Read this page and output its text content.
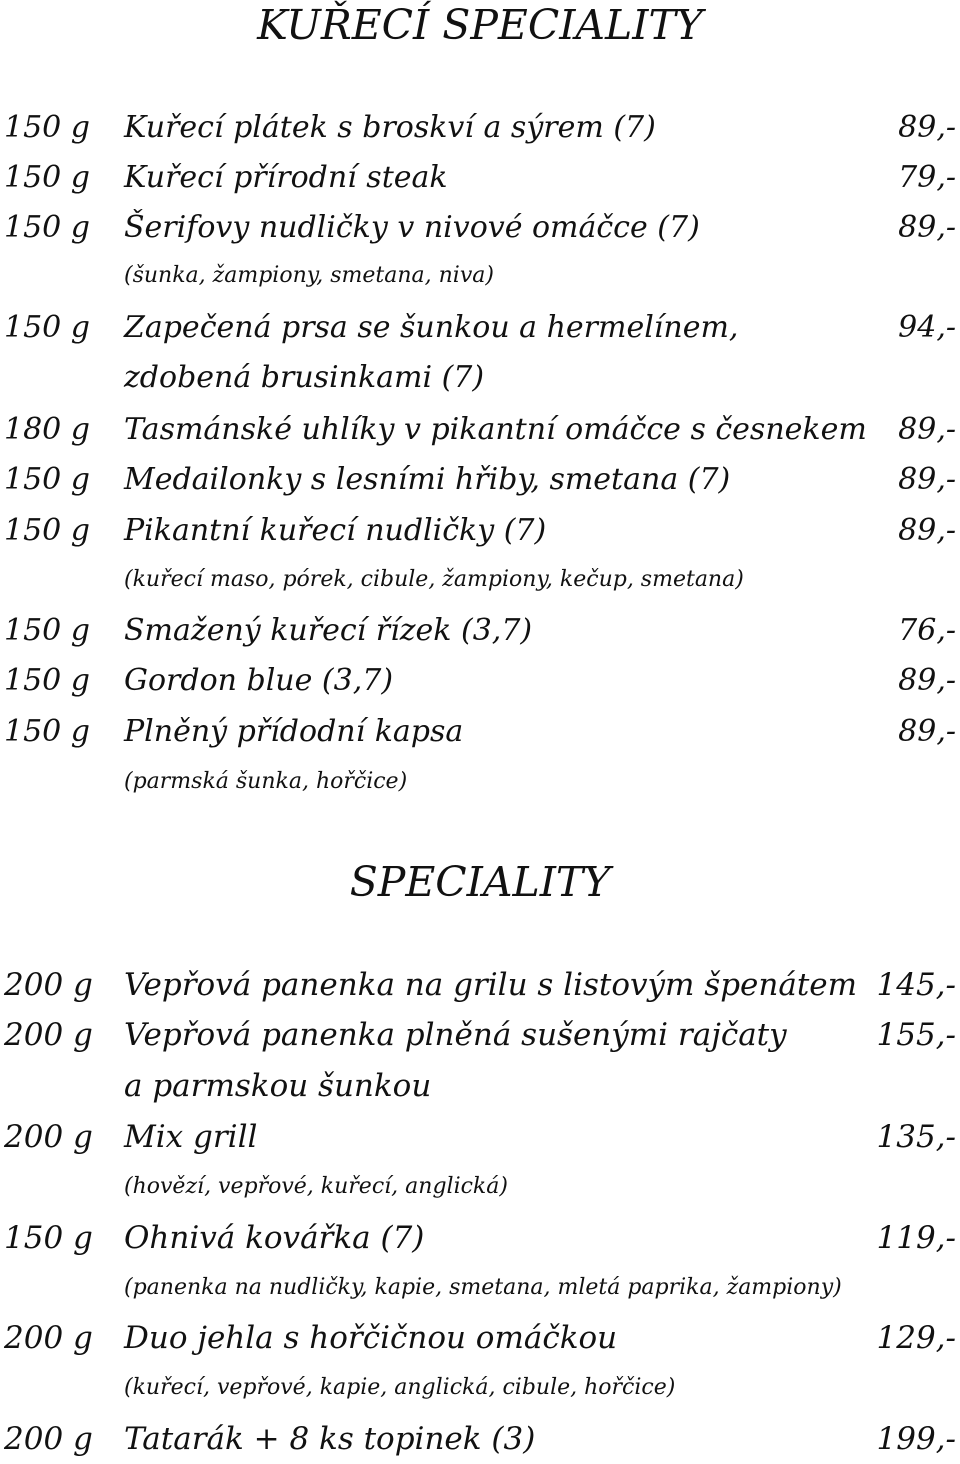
KUŘECÍ SPECIALITY
150 g Kuřecí plátek s broskví a sýrem (7)	89,-
150 g Kuřecí přírodní steak	79,-
150 g Šerifovy nudličky v nivové omáčce (7)	89,-
(šunka, žampiony, smetana, niva)
150 g Zapečená prsa se šunkou a hermelínem,	94,-
zdobená brusinkami (7)
180 g Tasmánské uhlíky v pikantní omáčce s česnekem 89,-
150 g Medailonky s lesními hřiby, smetana (7)	89,-
150 g Pikantní kuřecí nudličky (7)	89,-
(kuřecí maso, pórek, cibule, žampiony, kečup, smetana)
150 g Smažený kuřecí řízek (3,7)	76,-
150 g Gordon blue (3,7)	89,-
150 g Plněný přídodní kapsa	89,-
(parmská šunka, hořčice)
SPECIALITY
200 g Vepřová panenka na grilu s listovým špenátem 145,-
200 g Vepřová panenka plněná sušenými rajčaty	155,-
a parmskou šunkou
200 g Mix grill	135,-
(hovězí, vepřové, kuřecí, anglická)
150 g Ohnivá kovářka (7)	119,-
(panenka na nudličky, kapie, smetana, mletá paprika, žampiony)
200 g Duo jehla s hořčičnou omáčkou	129,-
(kuřecí, vepřové, kapie, anglická, cibule, hořčice)
200 g Tatarák + 8 ks topinek (3)	199,-
